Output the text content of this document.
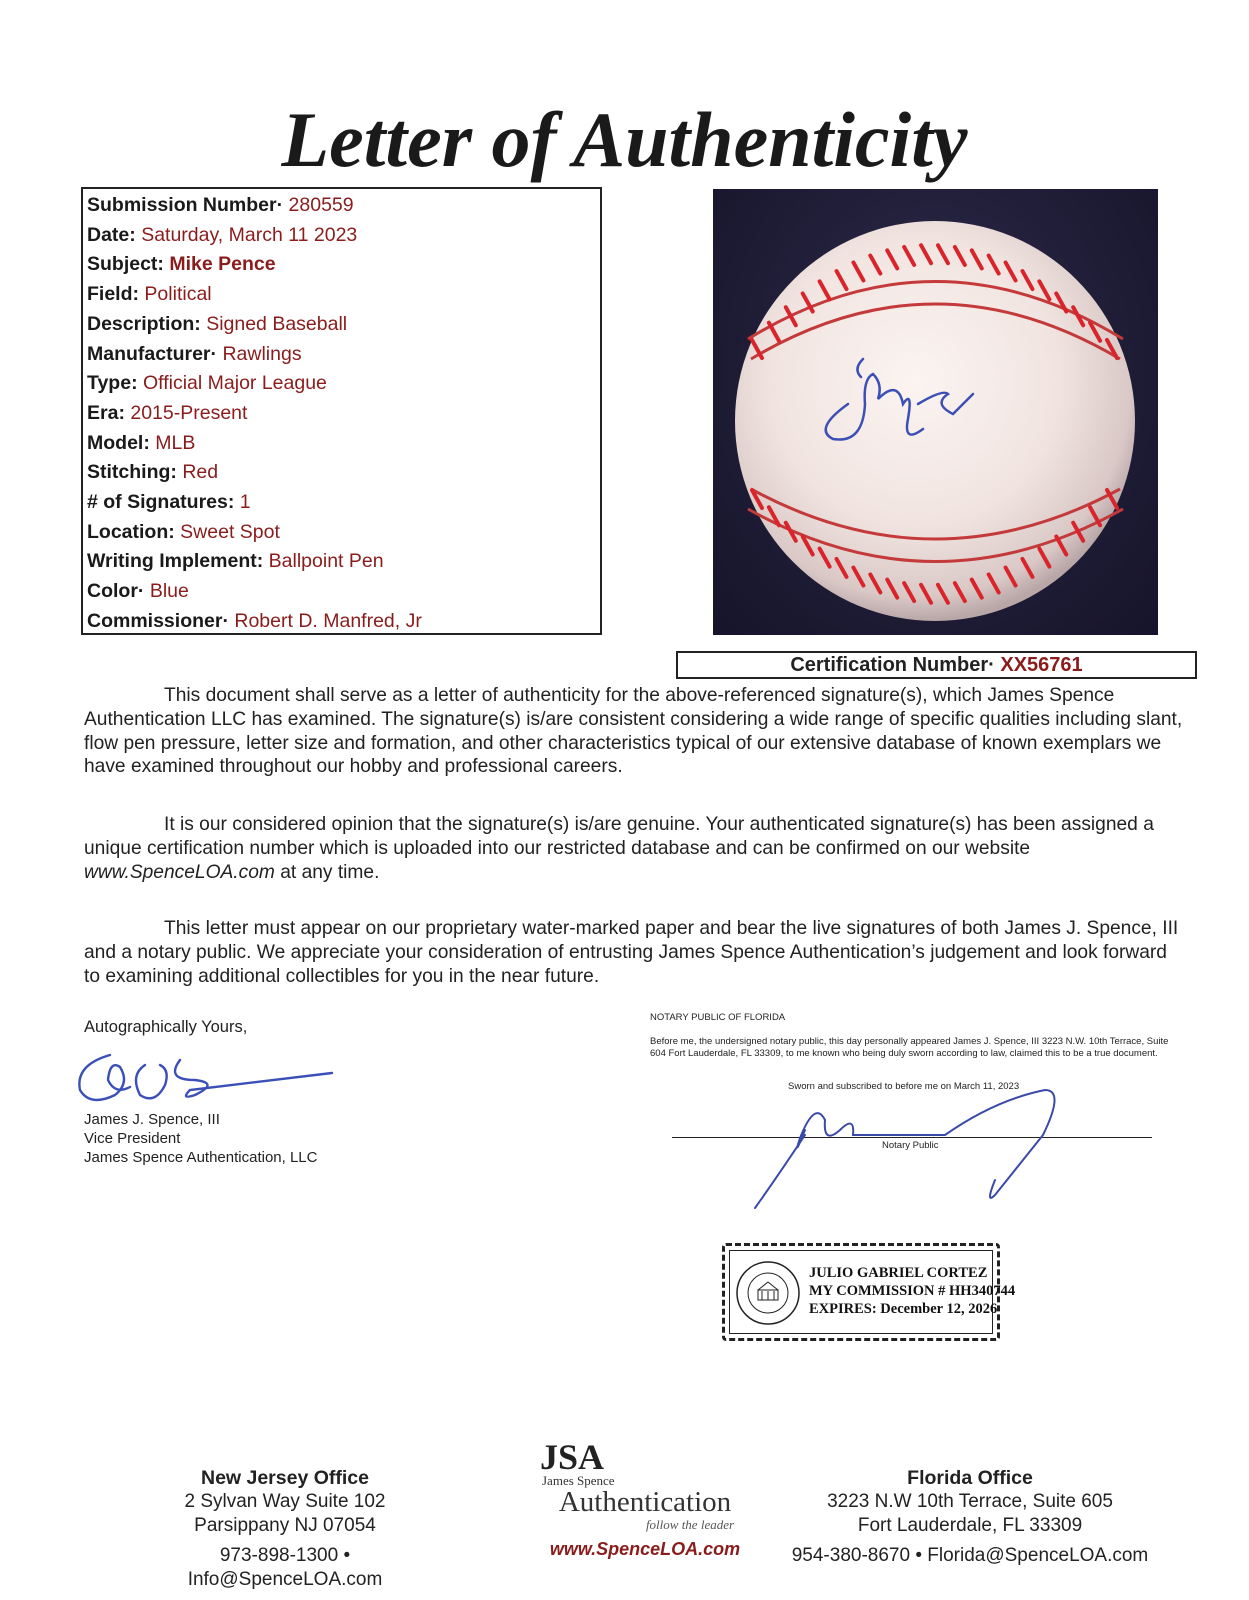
Letter of Authenticity
Submission Number· 280559
Date: Saturday, March 11 2023
Subject: Mike Pence
Field: Political
Description: Signed Baseball
Manufacturer· Rawlings
Type: Official Major League
Era: 2015-Present
Model: MLB
Stitching: Red
# of Signatures: 1
Location: Sweet Spot
Writing Implement: Ballpoint Pen
Color· Blue
Commissioner· Robert D. Manfred, Jr
Certification Number· XX56761

This document shall serve as a letter of authenticity for the above-referenced signature(s), which James Spence Authentication LLC has examined. The signature(s) is/are consistent considering a wide range of specific qualities including slant, flow pen pressure, letter size and formation, and other characteristics typical of our extensive database of known exemplars we have examined throughout our hobby and professional careers.

It is our considered opinion that the signature(s) is/are genuine. Your authenticated signature(s) has been assigned a unique certification number which is uploaded into our restricted database and can be confirmed on our website www.SpenceLOA.com at any time.

This letter must appear on our proprietary water-marked paper and bear the live signatures of both James J. Spence, III and a notary public. We appreciate your consideration of entrusting James Spence Authentication’s judgement and look forward to examining additional collectibles for you in the near future.

Autographically Yours,
James J. Spence, III
Vice President
James Spence Authentication, LLC
NOTARY PUBLIC OF FLORIDA
Before me, the undersigned notary public, this day personally appeared James J. Spence, III 3223 N.W. 10th Terrace, Suite 604 Fort Lauderdale, FL 33309, to me known who being duly sworn according to law, claimed this to be a true document.
Sworn and subscribed to before me on March 11, 2023
Notary Public
JULIO GABRIEL CORTEZ
MY COMMISSION # HH340744
EXPIRES: December 12, 2026
New Jersey Office
2 Sylvan Way Suite 102
Parsippany NJ 07054
973-898-1300 • Info@SpenceLOA.com
JSA
James Spence
Authentication
follow the leader
www.SpenceLOA.com
Florida Office
3223 N.W 10th Terrace, Suite 605
Fort Lauderdale, FL 33309
954-380-8670 • Florida@SpenceLOA.com
